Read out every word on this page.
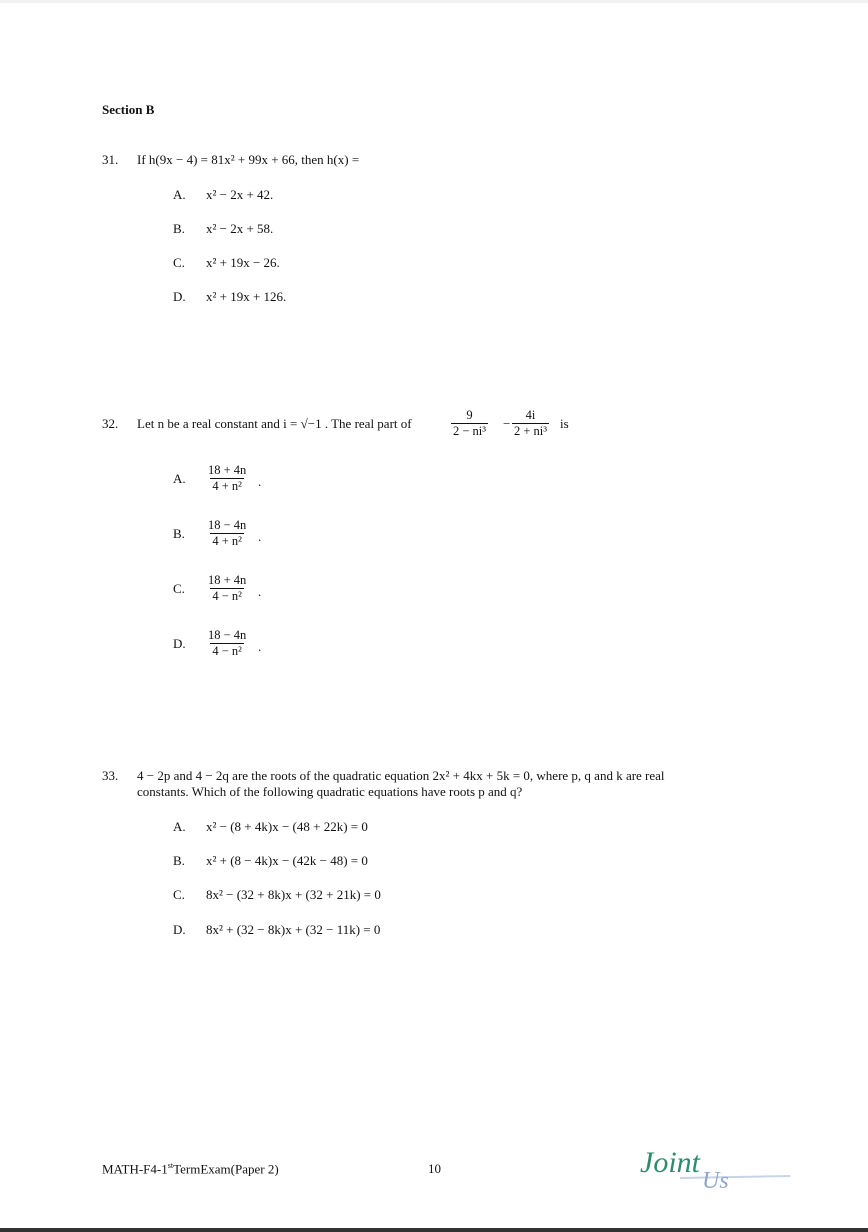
Section B
31. If h(9x − 4) = 81x² + 99x + 66, then h(x) =
A. x² − 2x + 42.
B. x² − 2x + 58.
C. x² + 19x − 26.
D. x² + 19x + 126.
32. Let n be a real constant and i = √−1 . The real part of	$\frac{9}{\text{2 − ni³}} - \frac{4i}{\text{2 + ni³}}$ is
A. $\frac{18 + 4n}{\text{4 + n²}}$ .
B. $\frac{18 - 4n}{\text{4 + n²}}$ .
C. $\frac{18 + 4n}{\text{4 − n²}}$ .
D. $\frac{18 - 4n}{\text{4 − n²}}$ .
33. 4 − 2p and 4 − 2q are the roots of the quadratic equation 2x² + 4kx + 5k = 0, where p, q and k are real
constants. Which of the following quadratic equations have roots p and q?
A. x² − (8 + 4k)x − (48 + 22k) = 0
B. x² + (8 − 4k)x − (42k − 48) = 0
C. 8x² − (32 + 8k)x + (32 + 21k) = 0
D. 8x² + (32 − 8k)x + (32 − 11k) = 0
MATH-F4-1stTermExam(Paper 2)	10	Joint
Us
